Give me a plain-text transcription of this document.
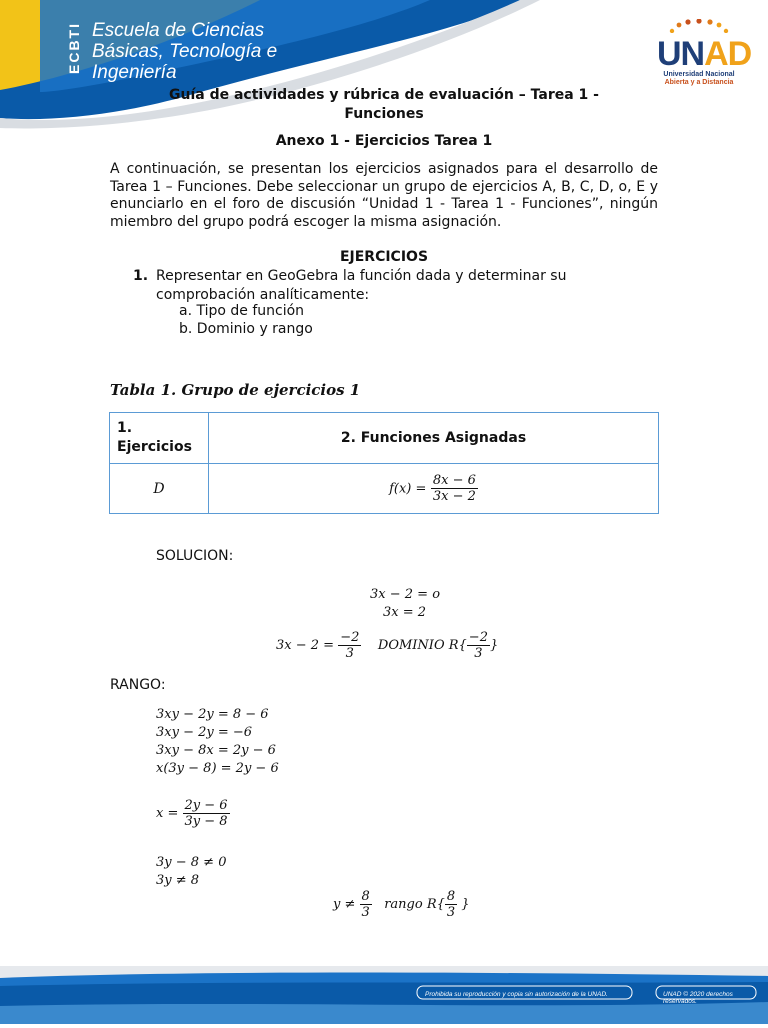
ECBTI Escuela de Ciencias
Básicas, Tecnología e
Ingeniería	UNAD
Universidad Nacional
Abierta y a Distancia
Guía de actividades y rúbrica de evaluación – Tarea 1 -
Funciones
Anexo 1 - Ejercicios Tarea 1
A continuación, se presentan los ejercicios asignados para el desarrollo de Tarea 1 – Funciones. Debe seleccionar un grupo de ejercicios A, B, C, D, o, E y enunciarlo en el foro de discusión “Unidad 1 - Tarea 1 - Funciones”, ningún miembro del grupo podrá escoger la misma asignación.
EJERCICIOS
1. Representar en GeoGebra la función dada y determinar su comprobación analíticamente:
a. Tipo de función
b. Dominio y rango
Tabla 1. Grupo de ejercicios 1
1. Ejercicios	2. Funciones Asignadas
D	$f(x) = \frac{8x - 6}{3x - 2}$
SOLUCION:
3x − 2 = o
3x = 2
$3x - 2 = \frac{-2}{3}$ DOMINIO $R\{ \frac{-2}{3}$ }
RANGO:
3xy − 2y = 8 − 6
3xy − 2y = −6
3xy − 8x = 2y − 6
x(3y − 8) = 2y − 6
$x = \frac{2y - 6}{3y - 8}$
3y − 8 ≠ 0
3y ≠ 8
$y \ne \frac{8}{3}$ rango $R\{ \frac{8}{3}$ }
Prohibida su reproducción y copia sin autorización de la UNAD.	UNAD © 2020 derechos reservados.
